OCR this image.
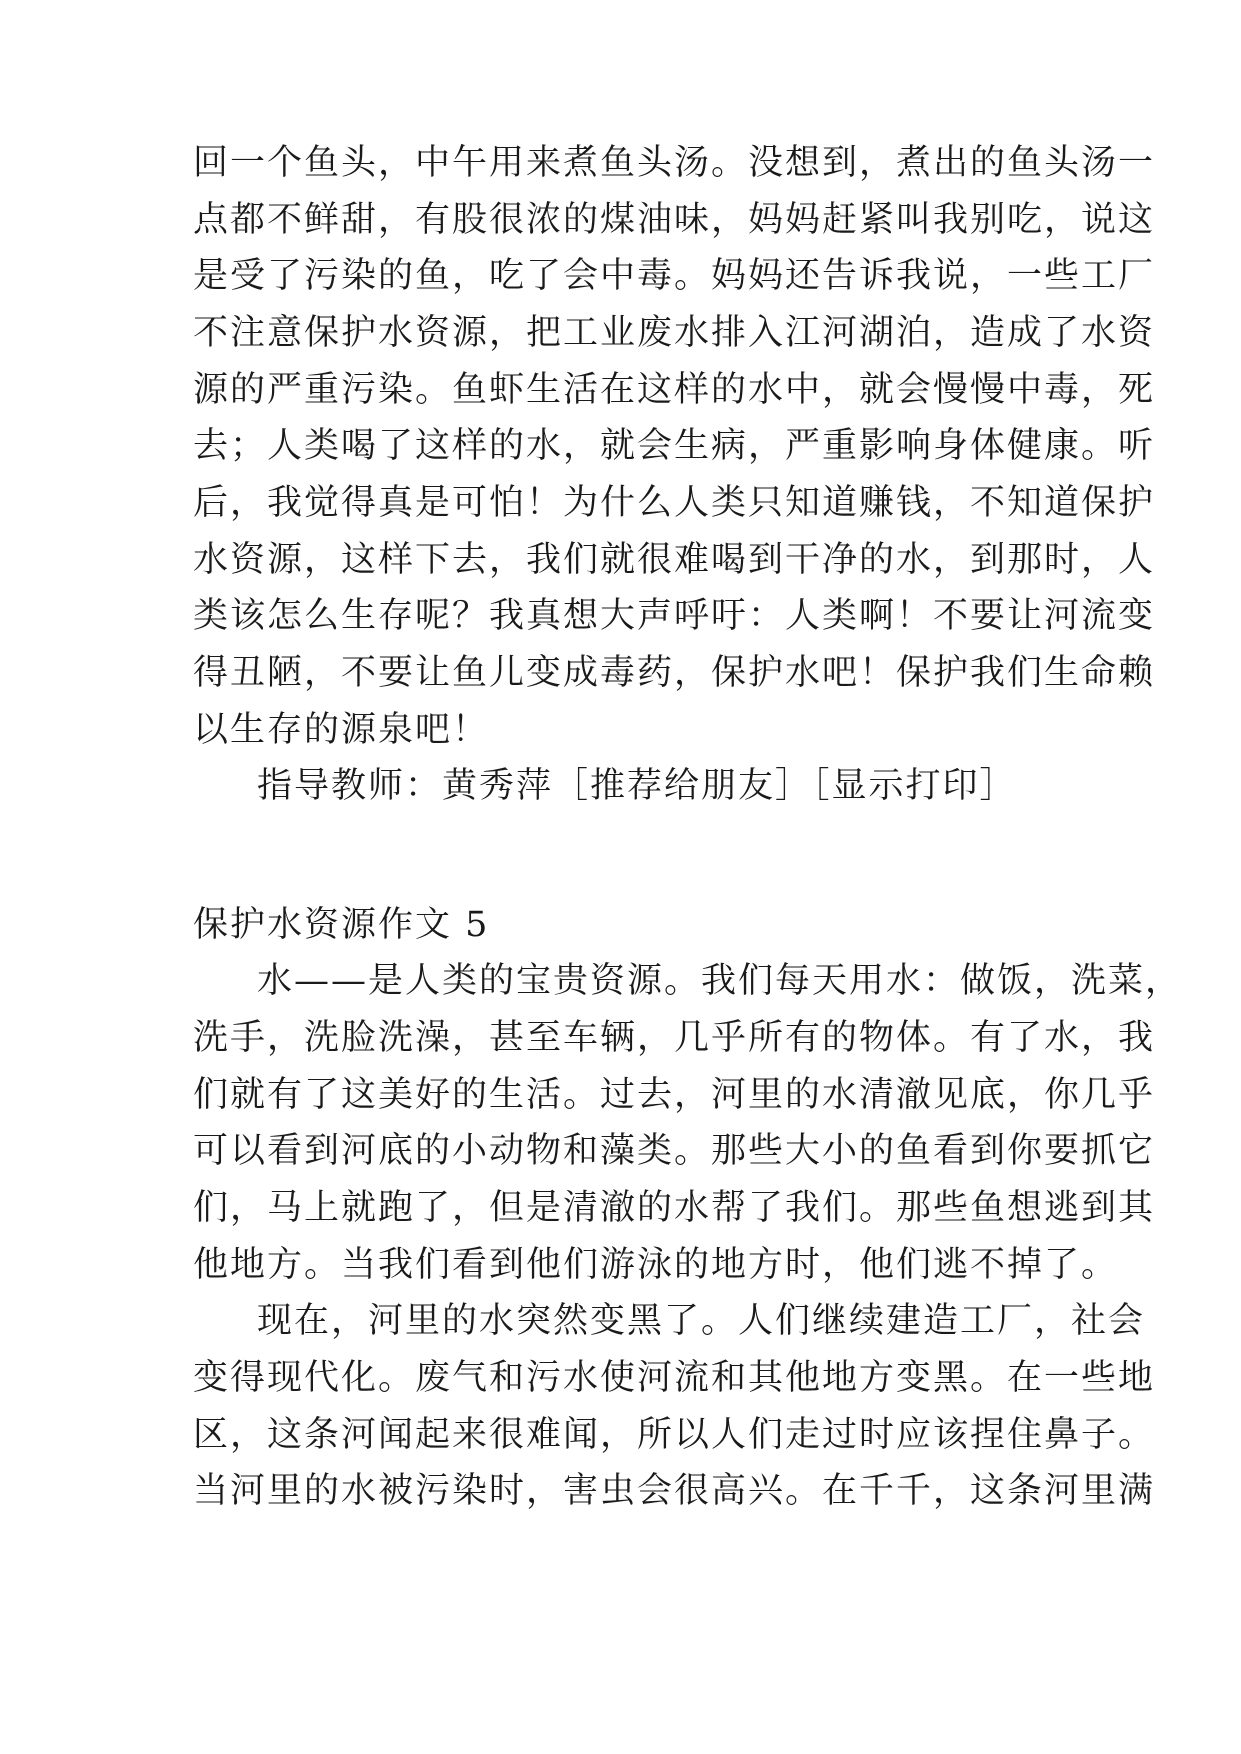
回一个鱼头，中午用来煮鱼头汤。没想到，煮出的鱼头汤一
点都不鲜甜，有股很浓的煤油味，妈妈赶紧叫我别吃，说这
是受了污染的鱼，吃了会中毒。妈妈还告诉我说，一些工厂
不注意保护水资源，把工业废水排入江河湖泊，造成了水资
源的严重污染。鱼虾生活在这样的水中，就会慢慢中毒，死
去；人类喝了这样的水，就会生病，严重影响身体健康。听
后，我觉得真是可怕！为什么人类只知道赚钱，不知道保护
水资源，这样下去，我们就很难喝到干净的水，到那时，人
类该怎么生存呢？我真想大声呼吁：人类啊！不要让河流变
得丑陋，不要让鱼儿变成毒药，保护水吧！保护我们生命赖
以生存的源泉吧！
指导教师：黄秀萍［推荐给朋友］［显示打印］
保护水资源作文 5
水——是人类的宝贵资源。我们每天用水：做饭，洗菜，
洗手，洗脸洗澡，甚至车辆，几乎所有的物体。有了水，我
们就有了这美好的生活。过去，河里的水清澈见底，你几乎
可以看到河底的小动物和藻类。那些大小的鱼看到你要抓它
们，马上就跑了，但是清澈的水帮了我们。那些鱼想逃到其
他地方。当我们看到他们游泳的地方时，他们逃不掉了。
现在，河里的水突然变黑了。人们继续建造工厂，社会
变得现代化。废气和污水使河流和其他地方变黑。在一些地
区，这条河闻起来很难闻，所以人们走过时应该捏住鼻子。
当河里的水被污染时，害虫会很高兴。在千千，这条河里满
